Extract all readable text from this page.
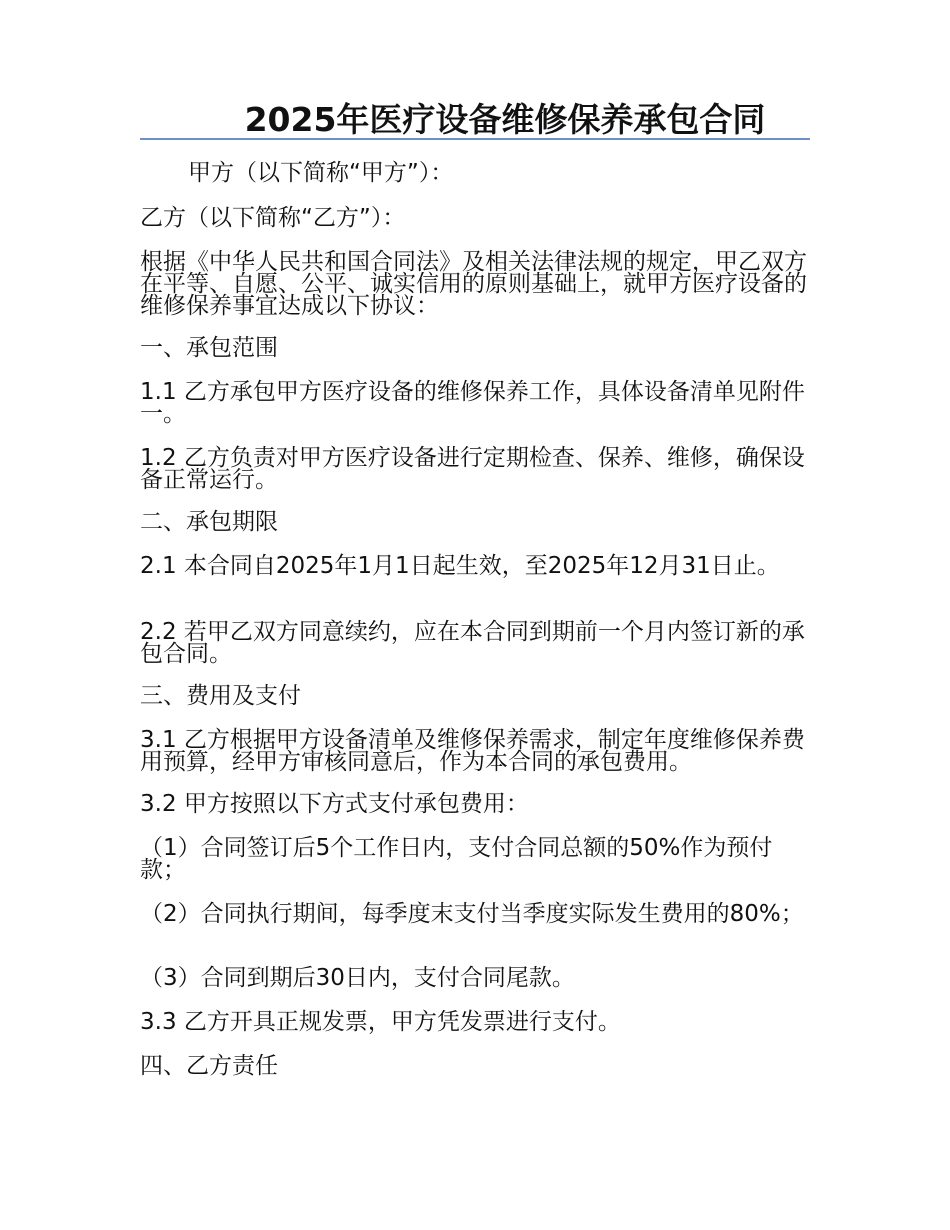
2025年医疗设备维修保养承包合同

甲方（以下简称“甲方”）：

乙方（以下简称“乙方”）：

根据《中华人民共和国合同法》及相关法律法规的规定，甲乙双方在平等、自愿、公平、诚实信用的原则基础上，就甲方医疗设备的维修保养事宜达成以下协议：

一、承包范围

1.1 乙方承包甲方医疗设备的维修保养工作，具体设备清单见附件一。

1.2 乙方负责对甲方医疗设备进行定期检查、保养、维修，确保设备正常运行。

二、承包期限

2.1 本合同自2025年1月1日起生效，至2025年12月31日止。

2.2 若甲乙双方同意续约，应在本合同到期前一个月内签订新的承包合同。

三、费用及支付

3.1 乙方根据甲方设备清单及维修保养需求，制定年度维修保养费用预算，经甲方审核同意后，作为本合同的承包费用。

3.2 甲方按照以下方式支付承包费用：

（1）合同签订后5个工作日内，支付合同总额的50%作为预付款；

（2）合同执行期间，每季度末支付当季度实际发生费用的80%；

（3）合同到期后30日内，支付合同尾款。

3.3 乙方开具正规发票，甲方凭发票进行支付。

四、乙方责任
